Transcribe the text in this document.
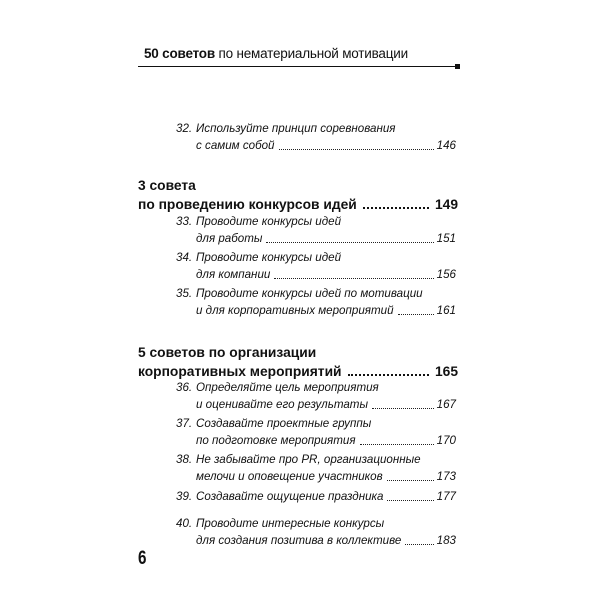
50 советов по нематериальной мотивации
32. Используйте принцип соревнования
с самим собой	146
3 совета
по проведению конкурсов идей	149
33. Проводите конкурсы идей
для работы	151
34. Проводите конкурсы идей
для компании	156
35. Проводите конкурсы идей по мотивации
и для корпоративных мероприятий	161
5 советов по организации
корпоративных мероприятий	165
36. Определяйте цель мероприятия
и оценивайте его результаты	167
37. Создавайте проектные группы
по подготовке мероприятия	170
38. Не забывайте про PR, организационные
мелочи и оповещение участников	173
39. Создавайте ощущение праздника	177
40. Проводите интересные конкурсы
для создания позитива в коллективе	183
6
